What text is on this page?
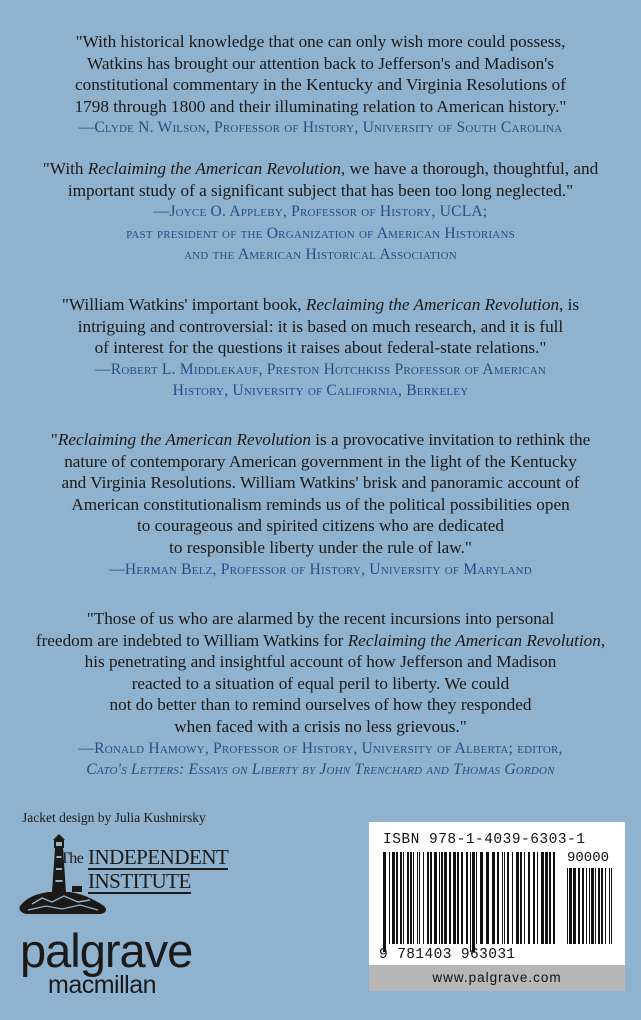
"With historical knowledge that one can only wish more could possess,
Watkins has brought our attention back to Jefferson's and Madison's
constitutional commentary in the Kentucky and Virginia Resolutions of
1798 through 1800 and their illuminating relation to American history."
—Clyde N. Wilson, Professor of History, University of South Carolina
"With Reclaiming the American Revolution, we have a thorough, thoughtful, and
important study of a significant subject that has been too long neglected."
—Joyce O. Appleby, Professor of History, UCLA;
past president of the Organization of American Historians
and the American Historical Association
"William Watkins' important book, Reclaiming the American Revolution, is
intriguing and controversial: it is based on much research, and it is full
of interest for the questions it raises about federal-state relations."
—Robert L. Middlekauf, Preston Hotchkiss Professor of American
History, University of California, Berkeley
"Reclaiming the American Revolution is a provocative invitation to rethink the
nature of contemporary American government in the light of the Kentucky
and Virginia Resolutions. William Watkins' brisk and panoramic account of
American constitutionalism reminds us of the political possibilities open
to courageous and spirited citizens who are dedicated
to responsible liberty under the rule of law."
—Herman Belz, Professor of History, University of Maryland
"Those of us who are alarmed by the recent incursions into personal
freedom are indebted to William Watkins for Reclaiming the American Revolution,
his penetrating and insightful account of how Jefferson and Madison
reacted to a situation of equal peril to liberty. We could
not do better than to remind ourselves of how they responded
when faced with a crisis no less grievous."
—Ronald Hamowy, Professor of History, University of Alberta; editor,
Cato's Letters: Essays on Liberty by John Trenchard and Thomas Gordon
Jacket design by Julia Kushnirsky
The INDEPENDENT
INSTITUTE
palgrave
macmillan
ISBN 978-1-4039-6303-1
90000
9 781403 963031
www.palgrave.com
